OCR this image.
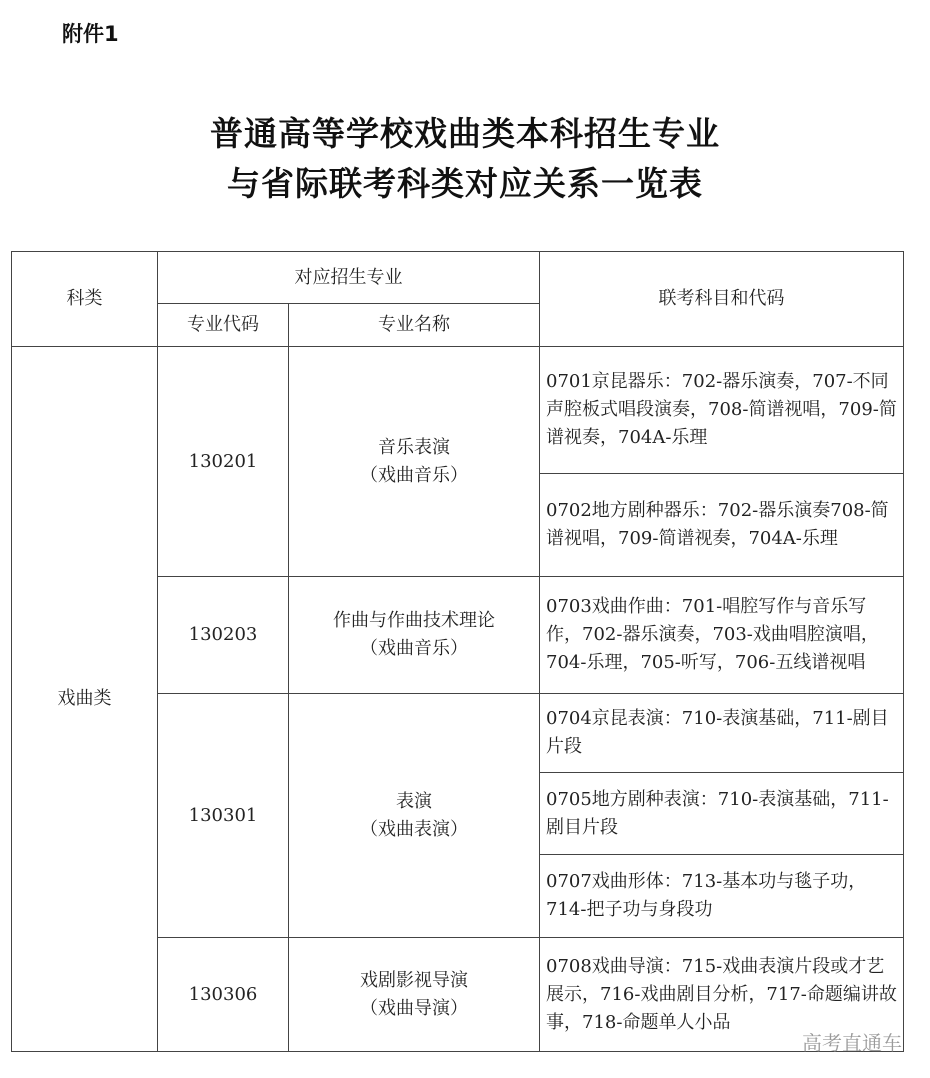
附件1
普通高等学校戏曲类本科招生专业
与省际联考科类对应关系一览表
科类
对应招生专业
专业代码	专业名称
联考科目和代码
戏曲类
130201
音乐表演
（戏曲音乐）
130203
作曲与作曲技术理论
（戏曲音乐）
130301
表演
（戏曲表演）
130306
戏剧影视导演
（戏曲导演）
0701京昆器乐：702-器乐演奏，707-不同声腔板式唱段演奏，708-简谱视唱，709-简谱视奏，704A-乐理
0702地方剧种器乐：702-器乐演奏708-简谱视唱，709-简谱视奏，704A-乐理
0703戏曲作曲：701-唱腔写作与音乐写作，702-器乐演奏，703-戏曲唱腔演唱，704-乐理，705-听写，706-五线谱视唱
0704京昆表演：710-表演基础，711-剧目片段
0705地方剧种表演：710-表演基础，711-剧目片段
0707戏曲形体：713-基本功与毯子功，714-把子功与身段功
0708戏曲导演：715-戏曲表演片段或才艺展示，716-戏曲剧目分析，717-命题编讲故事，718-命题单人小品
高考直通车
